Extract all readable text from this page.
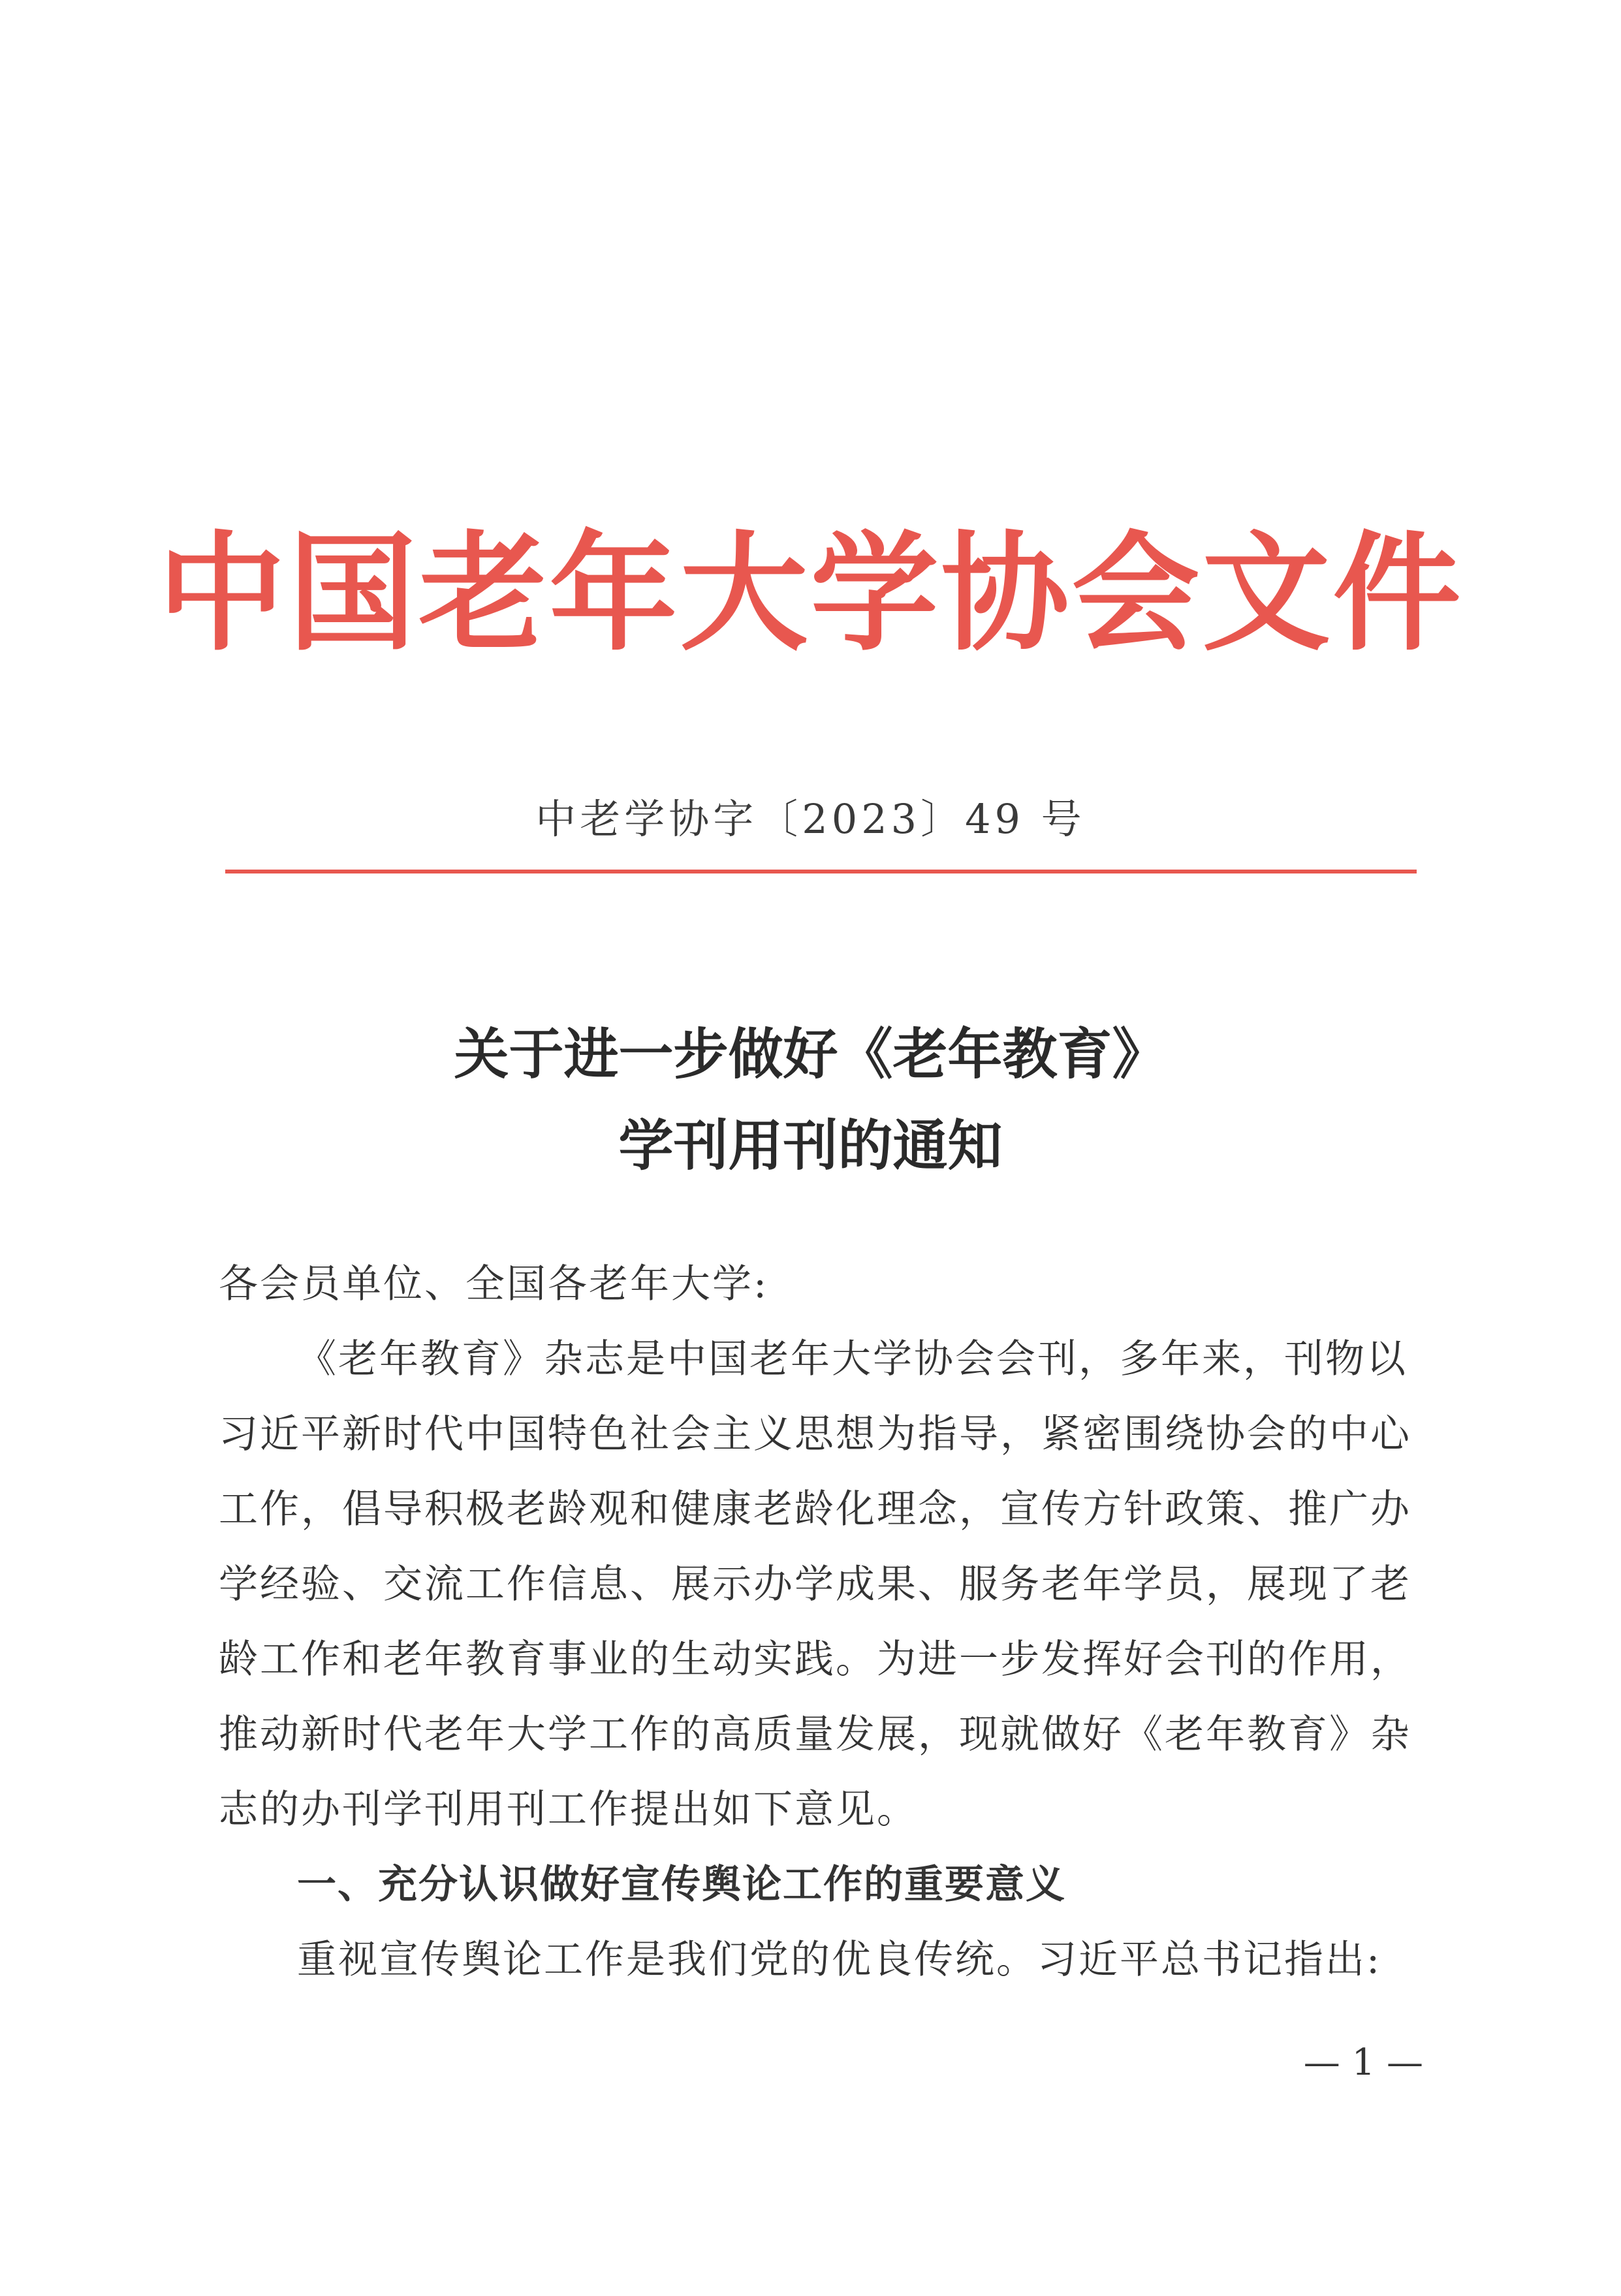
中国老年大学协会文件
中老学协字〔2023〕49 号
关于进一步做好《老年教育》
学刊用刊的通知
各会员单位、全国各老年大学:
《老年教育》杂志是中国老年大学协会会刊，多年来，刊物以
习近平新时代中国特色社会主义思想为指导，紧密围绕协会的中心
工作，倡导积极老龄观和健康老龄化理念，宣传方针政策、推广办
学经验、交流工作信息、展示办学成果、服务老年学员，展现了老
龄工作和老年教育事业的生动实践。为进一步发挥好会刊的作用，
推动新时代老年大学工作的高质量发展，现就做好《老年教育》杂
志的办刊学刊用刊工作提出如下意见。
一、充分认识做好宣传舆论工作的重要意义
重视宣传舆论工作是我们党的优良传统。习近平总书记指出:
— 1 —
